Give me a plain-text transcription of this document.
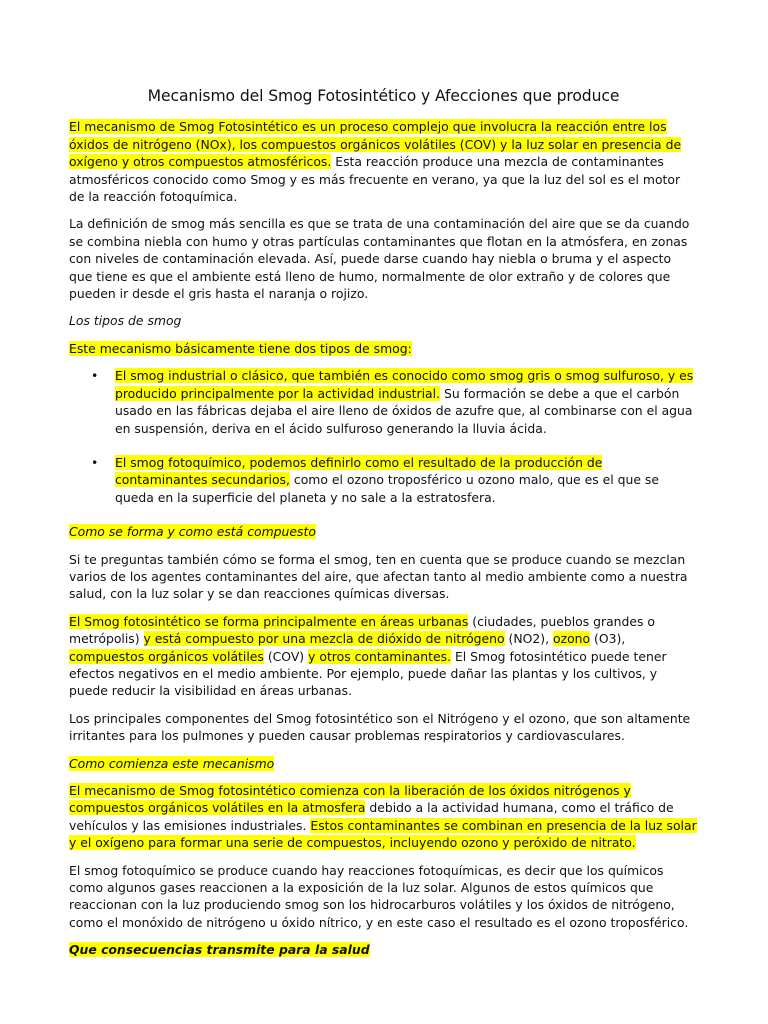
Mecanismo del Smog Fotosintético y Afecciones que produce

El mecanismo de Smog Fotosintético es un proceso complejo que involucra la reacción entre los óxidos de nitrógeno (NOx), los compuestos orgánicos volátiles (COV) y la luz solar en presencia de oxígeno y otros compuestos atmosféricos. Esta reacción produce una mezcla de contaminantes atmosféricos conocido como Smog y es más frecuente en verano, ya que la luz del sol es el motor de la reacción fotoquímica.

La definición de smog más sencilla es que se trata de una contaminación del aire que se da cuando se combina niebla con humo y otras partículas contaminantes que flotan en la atmósfera, en zonas con niveles de contaminación elevada. Así, puede darse cuando hay niebla o bruma y el aspecto que tiene es que el ambiente está lleno de humo, normalmente de olor extraño y de colores que pueden ir desde el gris hasta el naranja o rojizo.

Los tipos de smog

Este mecanismo básicamente tiene dos tipos de smog:

• El smog industrial o clásico, que también es conocido como smog gris o smog sulfuroso, y es producido principalmente por la actividad industrial. Su formación se debe a que el carbón usado en las fábricas dejaba el aire lleno de óxidos de azufre que, al combinarse con el agua en suspensión, deriva en el ácido sulfuroso generando la lluvia ácida.
• El smog fotoquímico, podemos definirlo como el resultado de la producción de contaminantes secundarios, como el ozono troposférico u ozono malo, que es el que se queda en la superficie del planeta y no sale a la estratosfera.

Como se forma y como está compuesto

Si te preguntas también cómo se forma el smog, ten en cuenta que se produce cuando se mezclan varios de los agentes contaminantes del aire, que afectan tanto al medio ambiente como a nuestra salud, con la luz solar y se dan reacciones químicas diversas.

El Smog fotosintético se forma principalmente en áreas urbanas (ciudades, pueblos grandes o metrópolis) y está compuesto por una mezcla de dióxido de nitrógeno (NO2), ozono (O3), compuestos orgánicos volátiles (COV) y otros contaminantes. El Smog fotosintético puede tener efectos negativos en el medio ambiente. Por ejemplo, puede dañar las plantas y los cultivos, y puede reducir la visibilidad en áreas urbanas.

Los principales componentes del Smog fotosintético son el Nitrógeno y el ozono, que son altamente irritantes para los pulmones y pueden causar problemas respiratorios y cardiovasculares.

Como comienza este mecanismo

El mecanismo de Smog fotosintético comienza con la liberación de los óxidos nitrógenos y compuestos orgánicos volátiles en la atmosfera debido a la actividad humana, como el tráfico de vehículos y las emisiones industriales. Estos contaminantes se combinan en presencia de la luz solar y el oxígeno para formar una serie de compuestos, incluyendo ozono y peróxido de nitrato.

El smog fotoquímico se produce cuando hay reacciones fotoquímicas, es decir que los químicos como algunos gases reaccionen a la exposición de la luz solar. Algunos de estos químicos que reaccionan con la luz produciendo smog son los hidrocarburos volátiles y los óxidos de nitrógeno, como el monóxido de nitrógeno u óxido nítrico, y en este caso el resultado es el ozono troposférico.

Que consecuencias transmite para la salud
